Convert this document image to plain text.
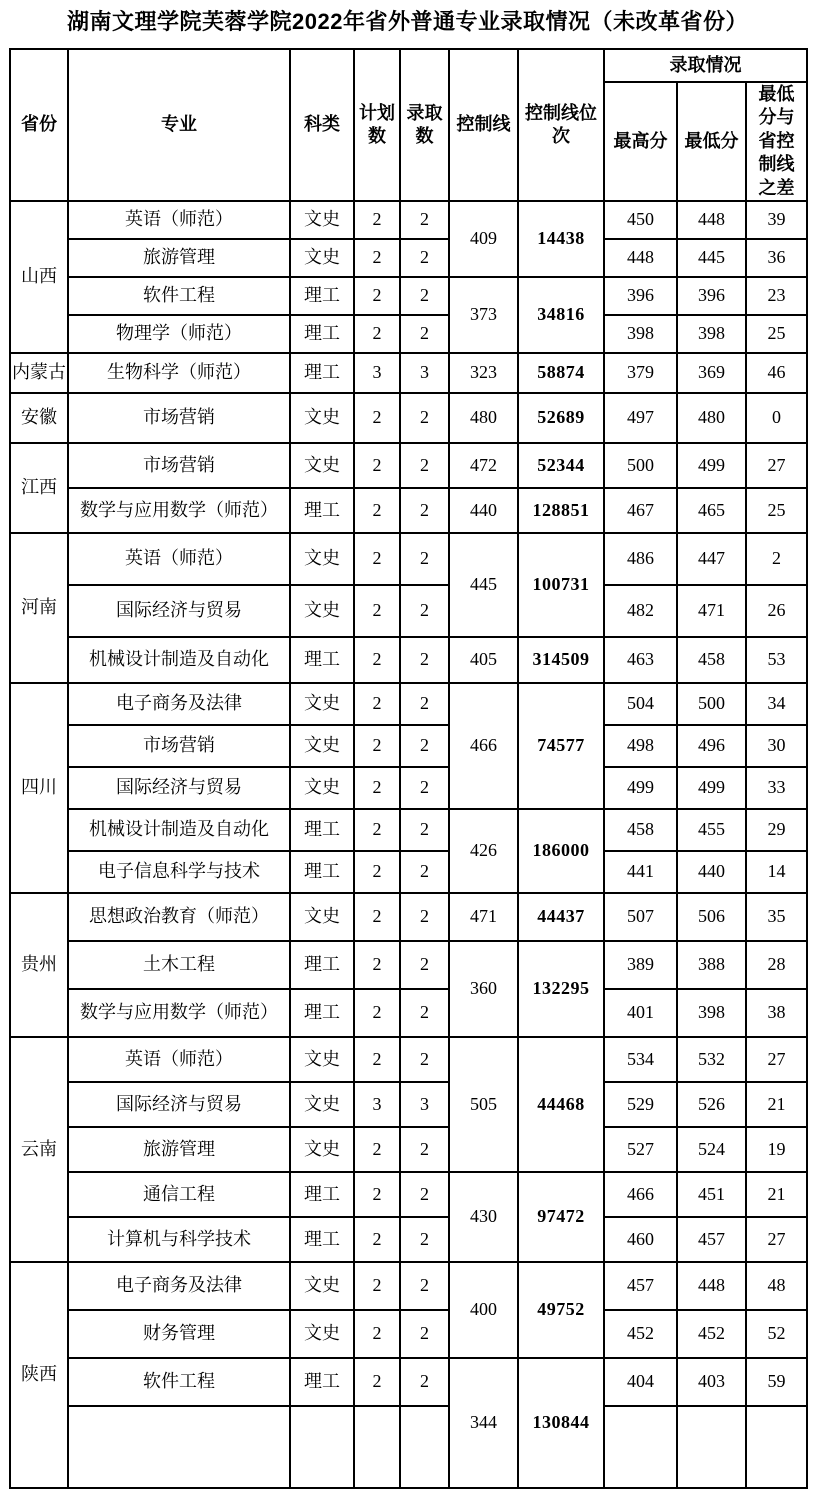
湖南文理学院芙蓉学院2022年省外普通专业录取情况（未改革省份）
省份	专业	科类	计划数	录取数	控制线	控制线位次	录取情况		
							最高分	最低分	最低分与省控制线之差
山西	英语（师范）	文史	2	2	409	14438	450	448	39
	旅游管理	文史	2	2			448	445	36
	软件工程	理工	2	2	373	34816	396	396	23
	物理学（师范）	理工	2	2			398	398	25
内蒙古	生物科学（师范）	理工	3	3	323	58874	379	369	46
安徽	市场营销	文史	2	2	480	52689	497	480	0
江西	市场营销	文史	2	2	472	52344	500	499	27
	数学与应用数学（师范）	理工	2	2	440	128851	467	465	25
河南	英语（师范）	文史	2	2	445	100731	486	447	2
	国际经济与贸易	文史	2	2			482	471	26
	机械设计制造及自动化	理工	2	2	405	314509	463	458	53
四川	电子商务及法律	文史	2	2	466	74577	504	500	34
	市场营销	文史	2	2			498	496	30
	国际经济与贸易	文史	2	2			499	499	33
	机械设计制造及自动化	理工	2	2	426	186000	458	455	29
	电子信息科学与技术	理工	2	2			441	440	14
贵州	思想政治教育（师范）	文史	2	2	471	44437	507	506	35
	土木工程	理工	2	2	360	132295	389	388	28
	数学与应用数学（师范）	理工	2	2			401	398	38
云南	英语（师范）	文史	2	2	505	44468	534	532	27
	国际经济与贸易	文史	3	3			529	526	21
	旅游管理	文史	2	2			527	524	19
	通信工程	理工	2	2	430	97472	466	451	21
	计算机与科学技术	理工	2	2			460	457	27
陕西	电子商务及法律	文史	2	2	400	49752	457	448	48
	财务管理	文史	2	2			452	452	52
	软件工程	理工	2	2	344	130844	404	403	59
